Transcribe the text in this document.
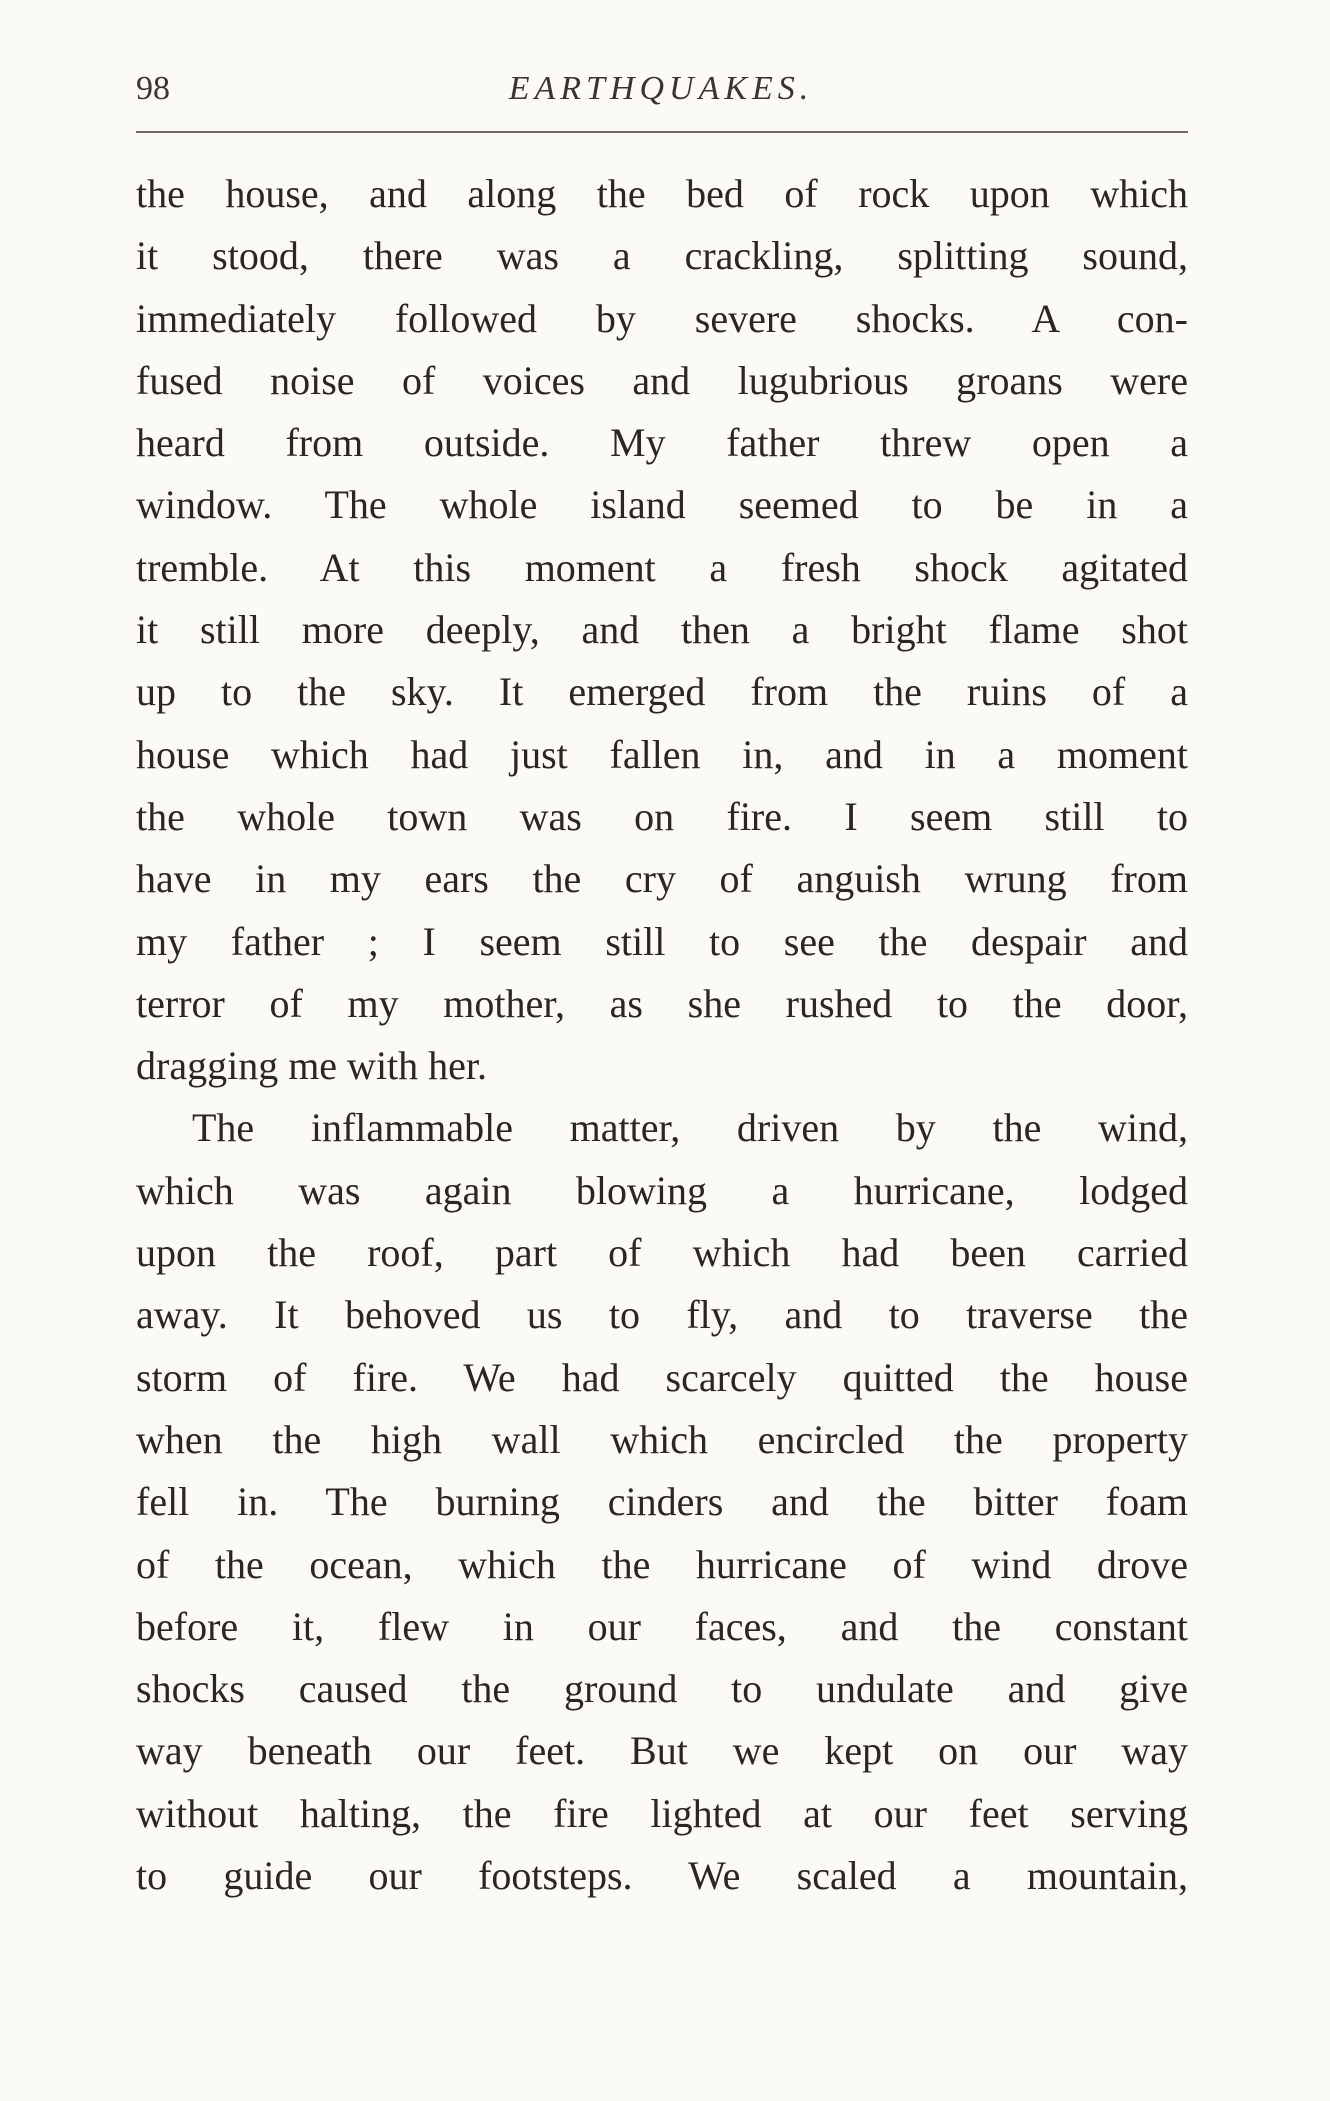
98	EARTHQUAKES.
the house, and along the bed of rock upon which
it stood, there was a crackling, splitting sound,
immediately followed by severe shocks. A con-
fused noise of voices and lugubrious groans were
heard from outside. My father threw open a
window. The whole island seemed to be in a
tremble. At this moment a fresh shock agitated
it still more deeply, and then a bright flame shot
up to the sky. It emerged from the ruins of a
house which had just fallen in, and in a moment
the whole town was on fire. I seem still to
have in my ears the cry of anguish wrung from
my father ; I seem still to see the despair and
terror of my mother, as she rushed to the door,
dragging me with her.
The inflammable matter, driven by the wind,
which was again blowing a hurricane, lodged
upon the roof, part of which had been carried
away. It behoved us to fly, and to traverse the
storm of fire. We had scarcely quitted the house
when the high wall which encircled the property
fell in. The burning cinders and the bitter foam
of the ocean, which the hurricane of wind drove
before it, flew in our faces, and the constant
shocks caused the ground to undulate and give
way beneath our feet. But we kept on our way
without halting, the fire lighted at our feet serving
to guide our footsteps. We scaled a mountain,
